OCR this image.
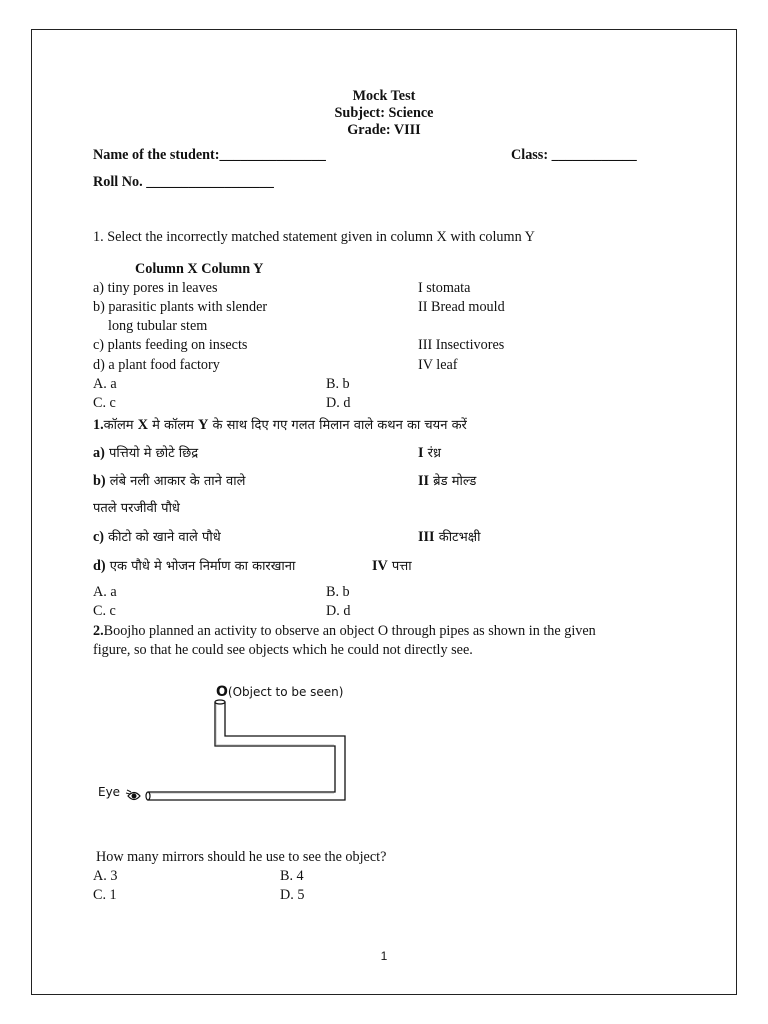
Mock Test
Subject: Science
Grade: VIII
Name of the student:_______________	Class: ____________
Roll No. __________________
1. Select the incorrectly matched statement given in column X with column Y
Column X Column Y
a) tiny pores in leaves	I stomata
b) parasitic plants with slender	II Bread mould
long tubular stem
c) plants feeding on insects	III Insectivores
d) a plant food factory	IV leaf
A. a	B. b
C. c	D. d
1.कॉलम X मे कॉलम Y के साथ दिए गए गलत मिलान वाले कथन का चयन करें
a) पत्तियो मे छोटे छिद्र	I रंध्र
b) लंबे नली आकार के ताने वाले	II ब्रेड मोल्ड
पतले परजीवी पौधे
c) कीटो को खाने वाले पौधे	III कीटभक्षी
d) एक पौधे मे भोजन निर्माण का कारखाना	IV पत्ता
A. a	B. b
C. c	D. d
2.Boojho planned an activity to observe an object O through pipes as shown in the given
figure, so that he could see objects which he could not directly see.
O(Object to be seen)
Eye
How many mirrors should he use to see the object?
A. 3	B. 4
C. 1	D. 5
1
